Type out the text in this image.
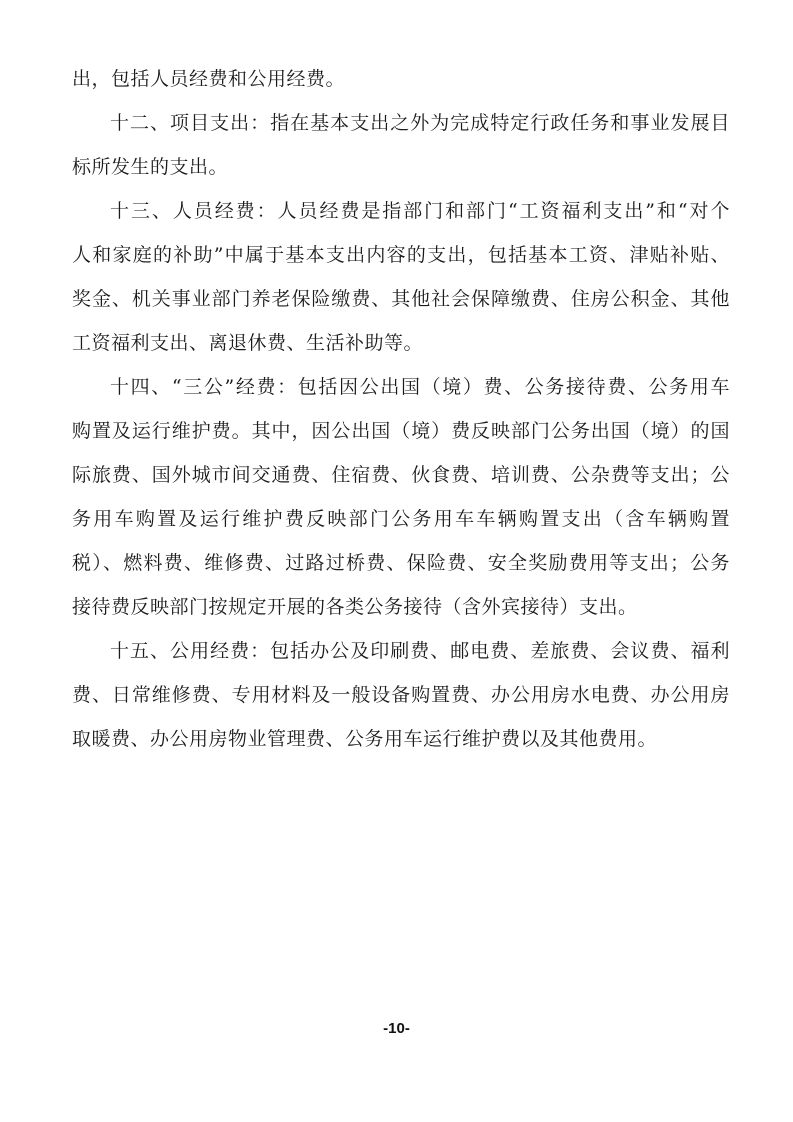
出，包括人员经费和公用经费。
十二、项目支出：指在基本支出之外为完成特定行政任务和事业发展目
标所发生的支出。
十三、人员经费：人员经费是指部门和部门“工资福利支出”和“对个
人和家庭的补助”中属于基本支出内容的支出，包括基本工资、津贴补贴、
奖金、机关事业部门养老保险缴费、其他社会保障缴费、住房公积金、其他
工资福利支出、离退休费、生活补助等。
十四、“三公”经费：包括因公出国（境）费、公务接待费、公务用车
购置及运行维护费。其中，因公出国（境）费反映部门公务出国（境）的国
际旅费、国外城市间交通费、住宿费、伙食费、培训费、公杂费等支出；公
务用车购置及运行维护费反映部门公务用车车辆购置支出（含车辆购置
税）、燃料费、维修费、过路过桥费、保险费、安全奖励费用等支出；公务
接待费反映部门按规定开展的各类公务接待（含外宾接待）支出。
十五、公用经费：包括办公及印刷费、邮电费、差旅费、会议费、福利
费、日常维修费、专用材料及一般设备购置费、办公用房水电费、办公用房
取暖费、办公用房物业管理费、公务用车运行维护费以及其他费用。
-10-
